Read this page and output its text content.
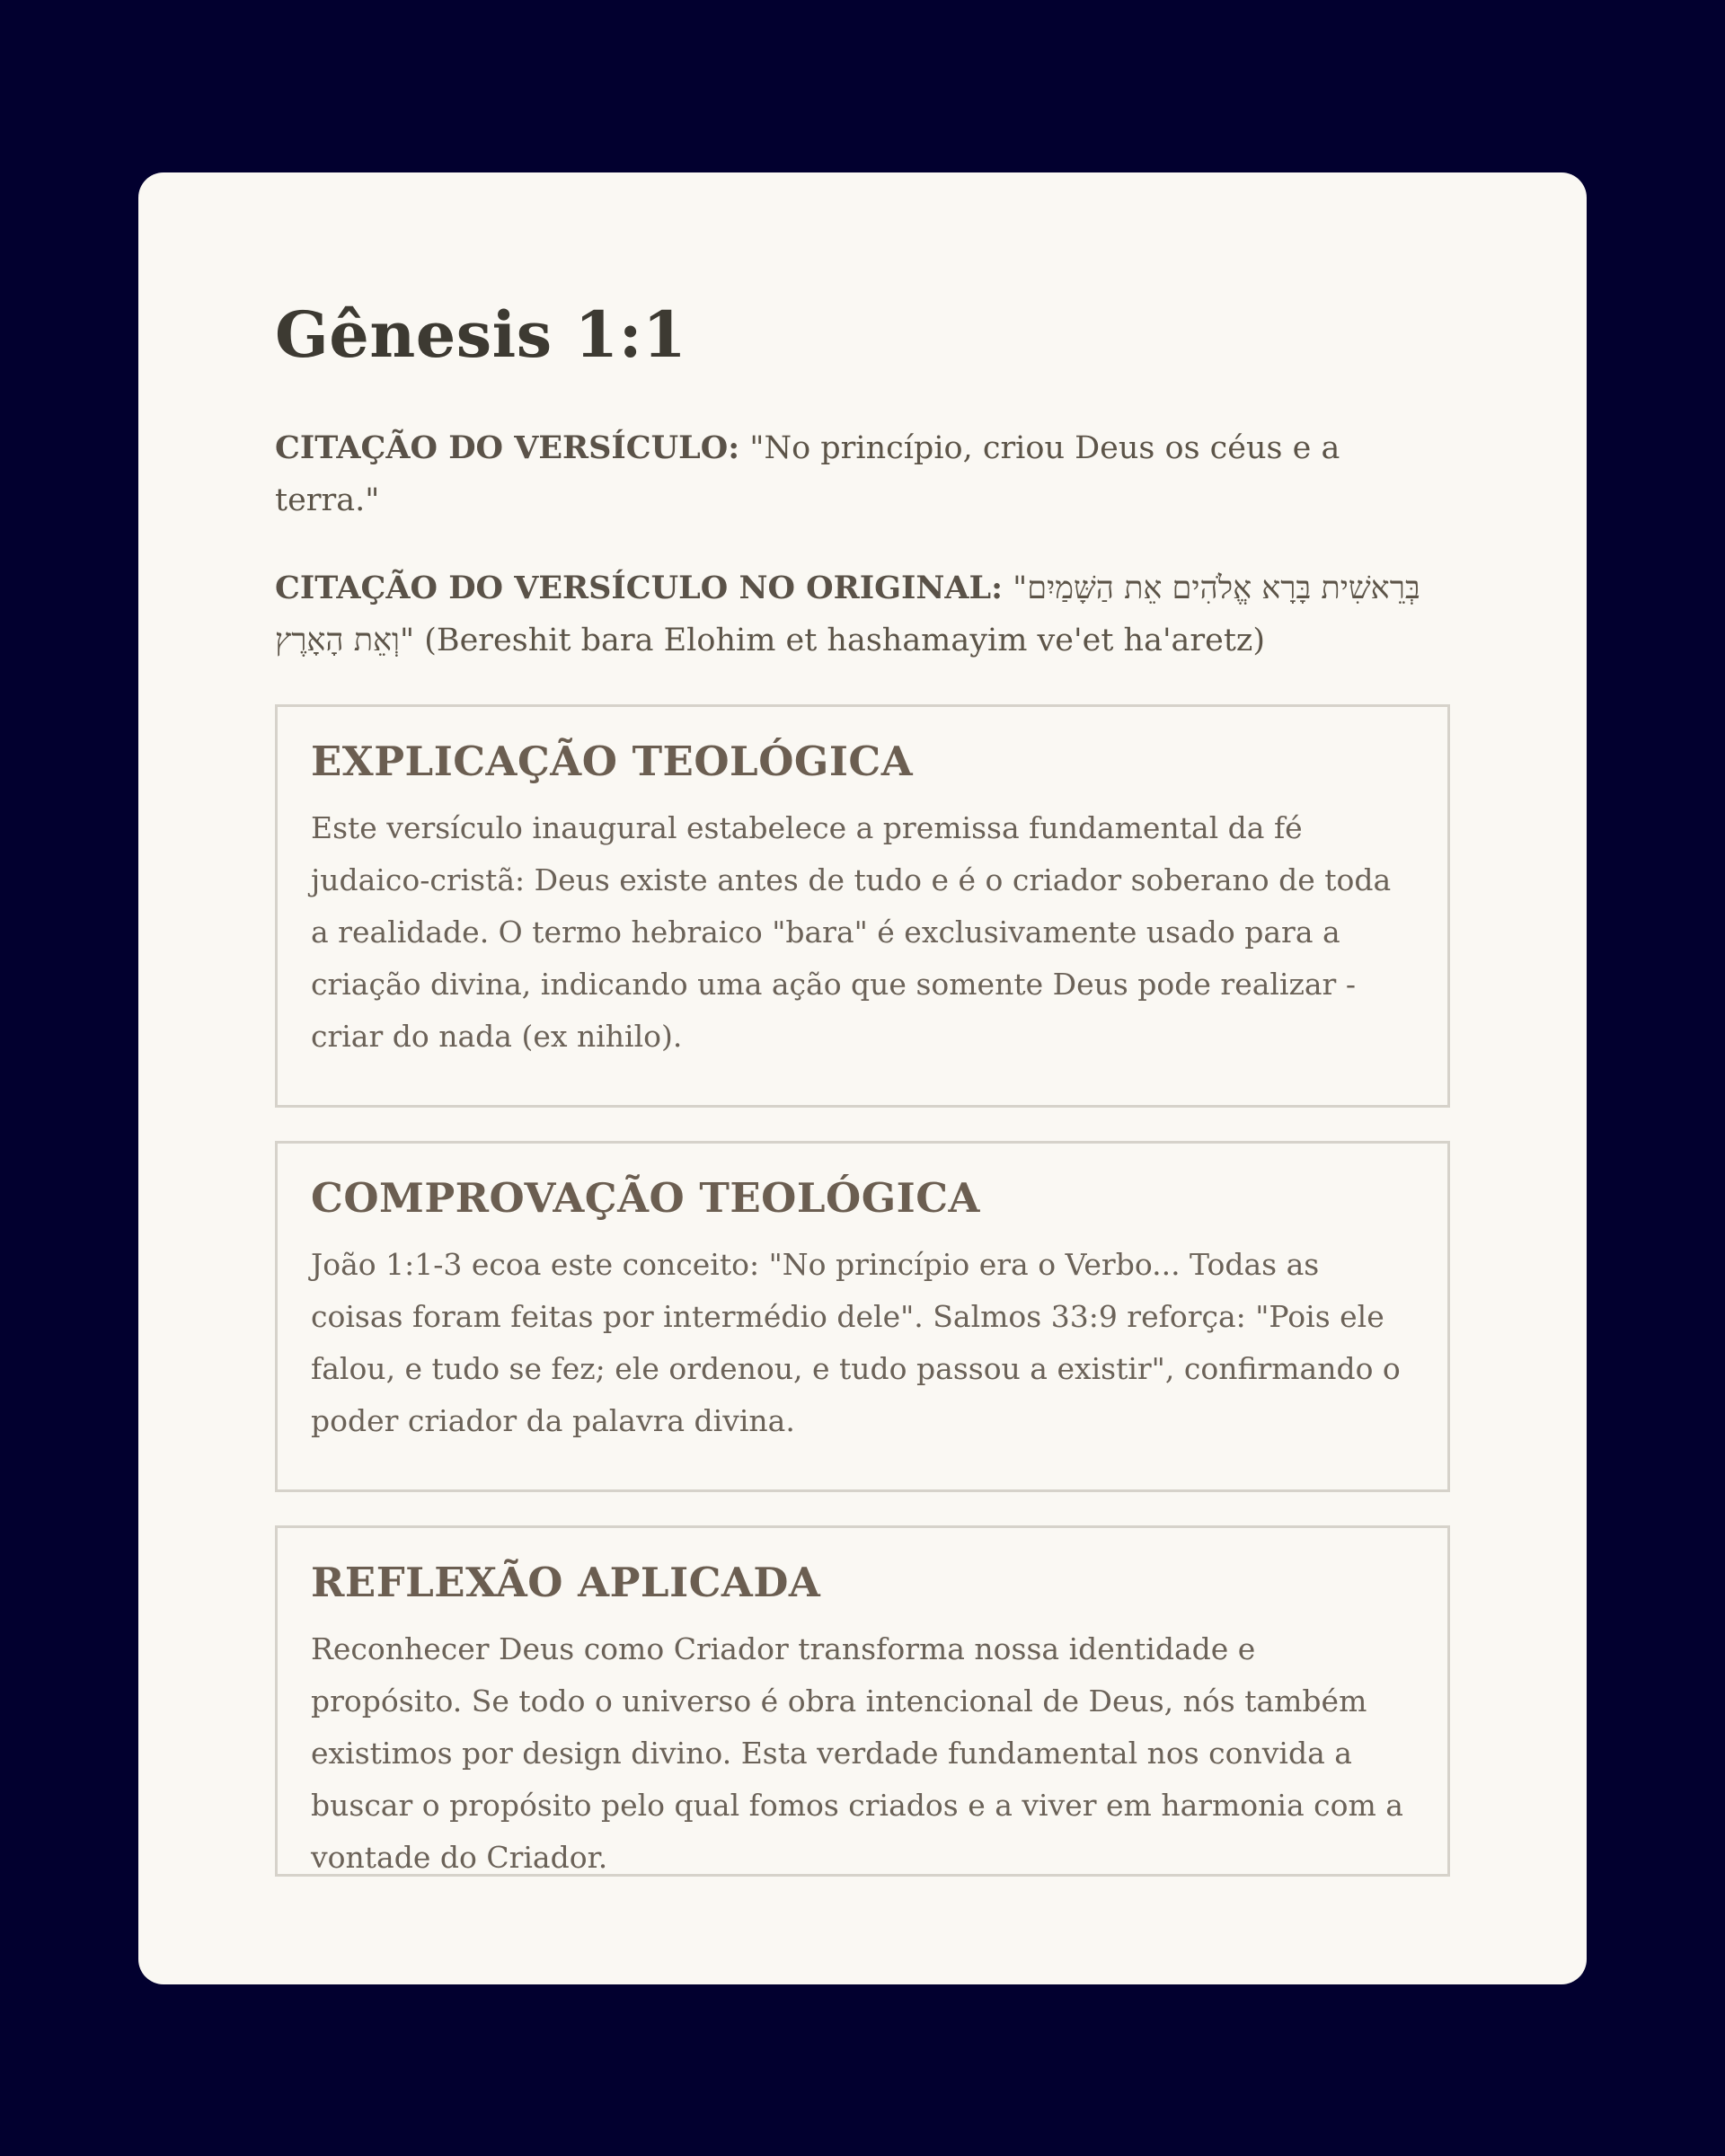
Gênesis 1:1

CITAÇÃO DO VERSÍCULO: "No princípio, criou Deus os céus e a terra."

CITAÇÃO DO VERSÍCULO NO ORIGINAL: "בְּרֵאשִׁית בָּרָא אֱלֹהִים אֵת הַשָּׁמַיִם וְאֵת הָאָרֶץ" (Bereshit bara Elohim et hashamayim ve'et ha'aretz)

EXPLICAÇÃO TEOLÓGICA

Este versículo inaugural estabelece a premissa fundamental da fé judaico-cristã: Deus existe antes de tudo e é o criador soberano de toda a realidade. O termo hebraico "bara" é exclusivamente usado para a criação divina, indicando uma ação que somente Deus pode realizar - criar do nada (ex nihilo).

COMPROVAÇÃO TEOLÓGICA

João 1:1-3 ecoa este conceito: "No princípio era o Verbo... Todas as coisas foram feitas por intermédio dele". Salmos 33:9 reforça: "Pois ele falou, e tudo se fez; ele ordenou, e tudo passou a existir", confirmando o poder criador da palavra divina.

REFLEXÃO APLICADA

Reconhecer Deus como Criador transforma nossa identidade e propósito. Se todo o universo é obra intencional de Deus, nós também existimos por design divino. Esta verdade fundamental nos convida a buscar o propósito pelo qual fomos criados e a viver em harmonia com a vontade do Criador.
